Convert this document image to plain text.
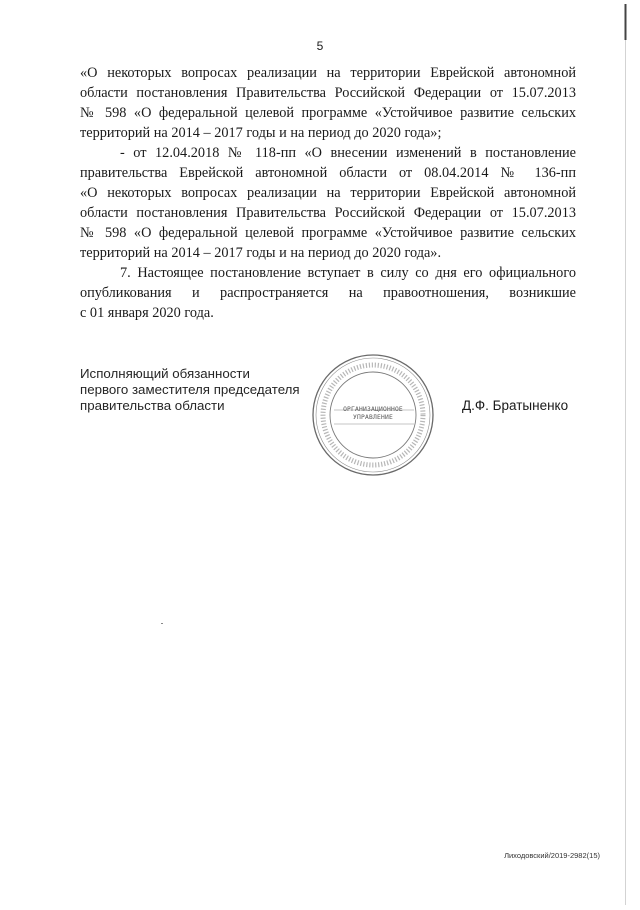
5

«О некоторых вопросах реализации на территории Еврейской автономной
области постановления Правительства Российской Федерации от 15.07.2013
№ 598 «О федеральной целевой программе «Устойчивое развитие сельских
территорий на 2014 – 2017 годы и на период до 2020 года»;

- от 12.04.2018 № 118-пп «О внесении изменений в постановление
правительства Еврейской автономной области от 08.04.2014 № 136-пп
«О некоторых вопросах реализации на территории Еврейской автономной
области постановления Правительства Российской Федерации от 15.07.2013
№ 598 «О федеральной целевой программе «Устойчивое развитие сельских
территорий на 2014 – 2017 годы и на период до 2020 года».

7. Настоящее постановление вступает в силу со дня его официального
опубликования и распространяется на правоотношения, возникшие
с 01 января 2020 года.

Исполняющий обязанности
первого заместителя председателя
правительства области	ОРГАНИЗАЦИОННОЕ
УПРАВЛЕНИЕ
Д.Ф. Братыненко
Лиходовский/2019-2982(15)
